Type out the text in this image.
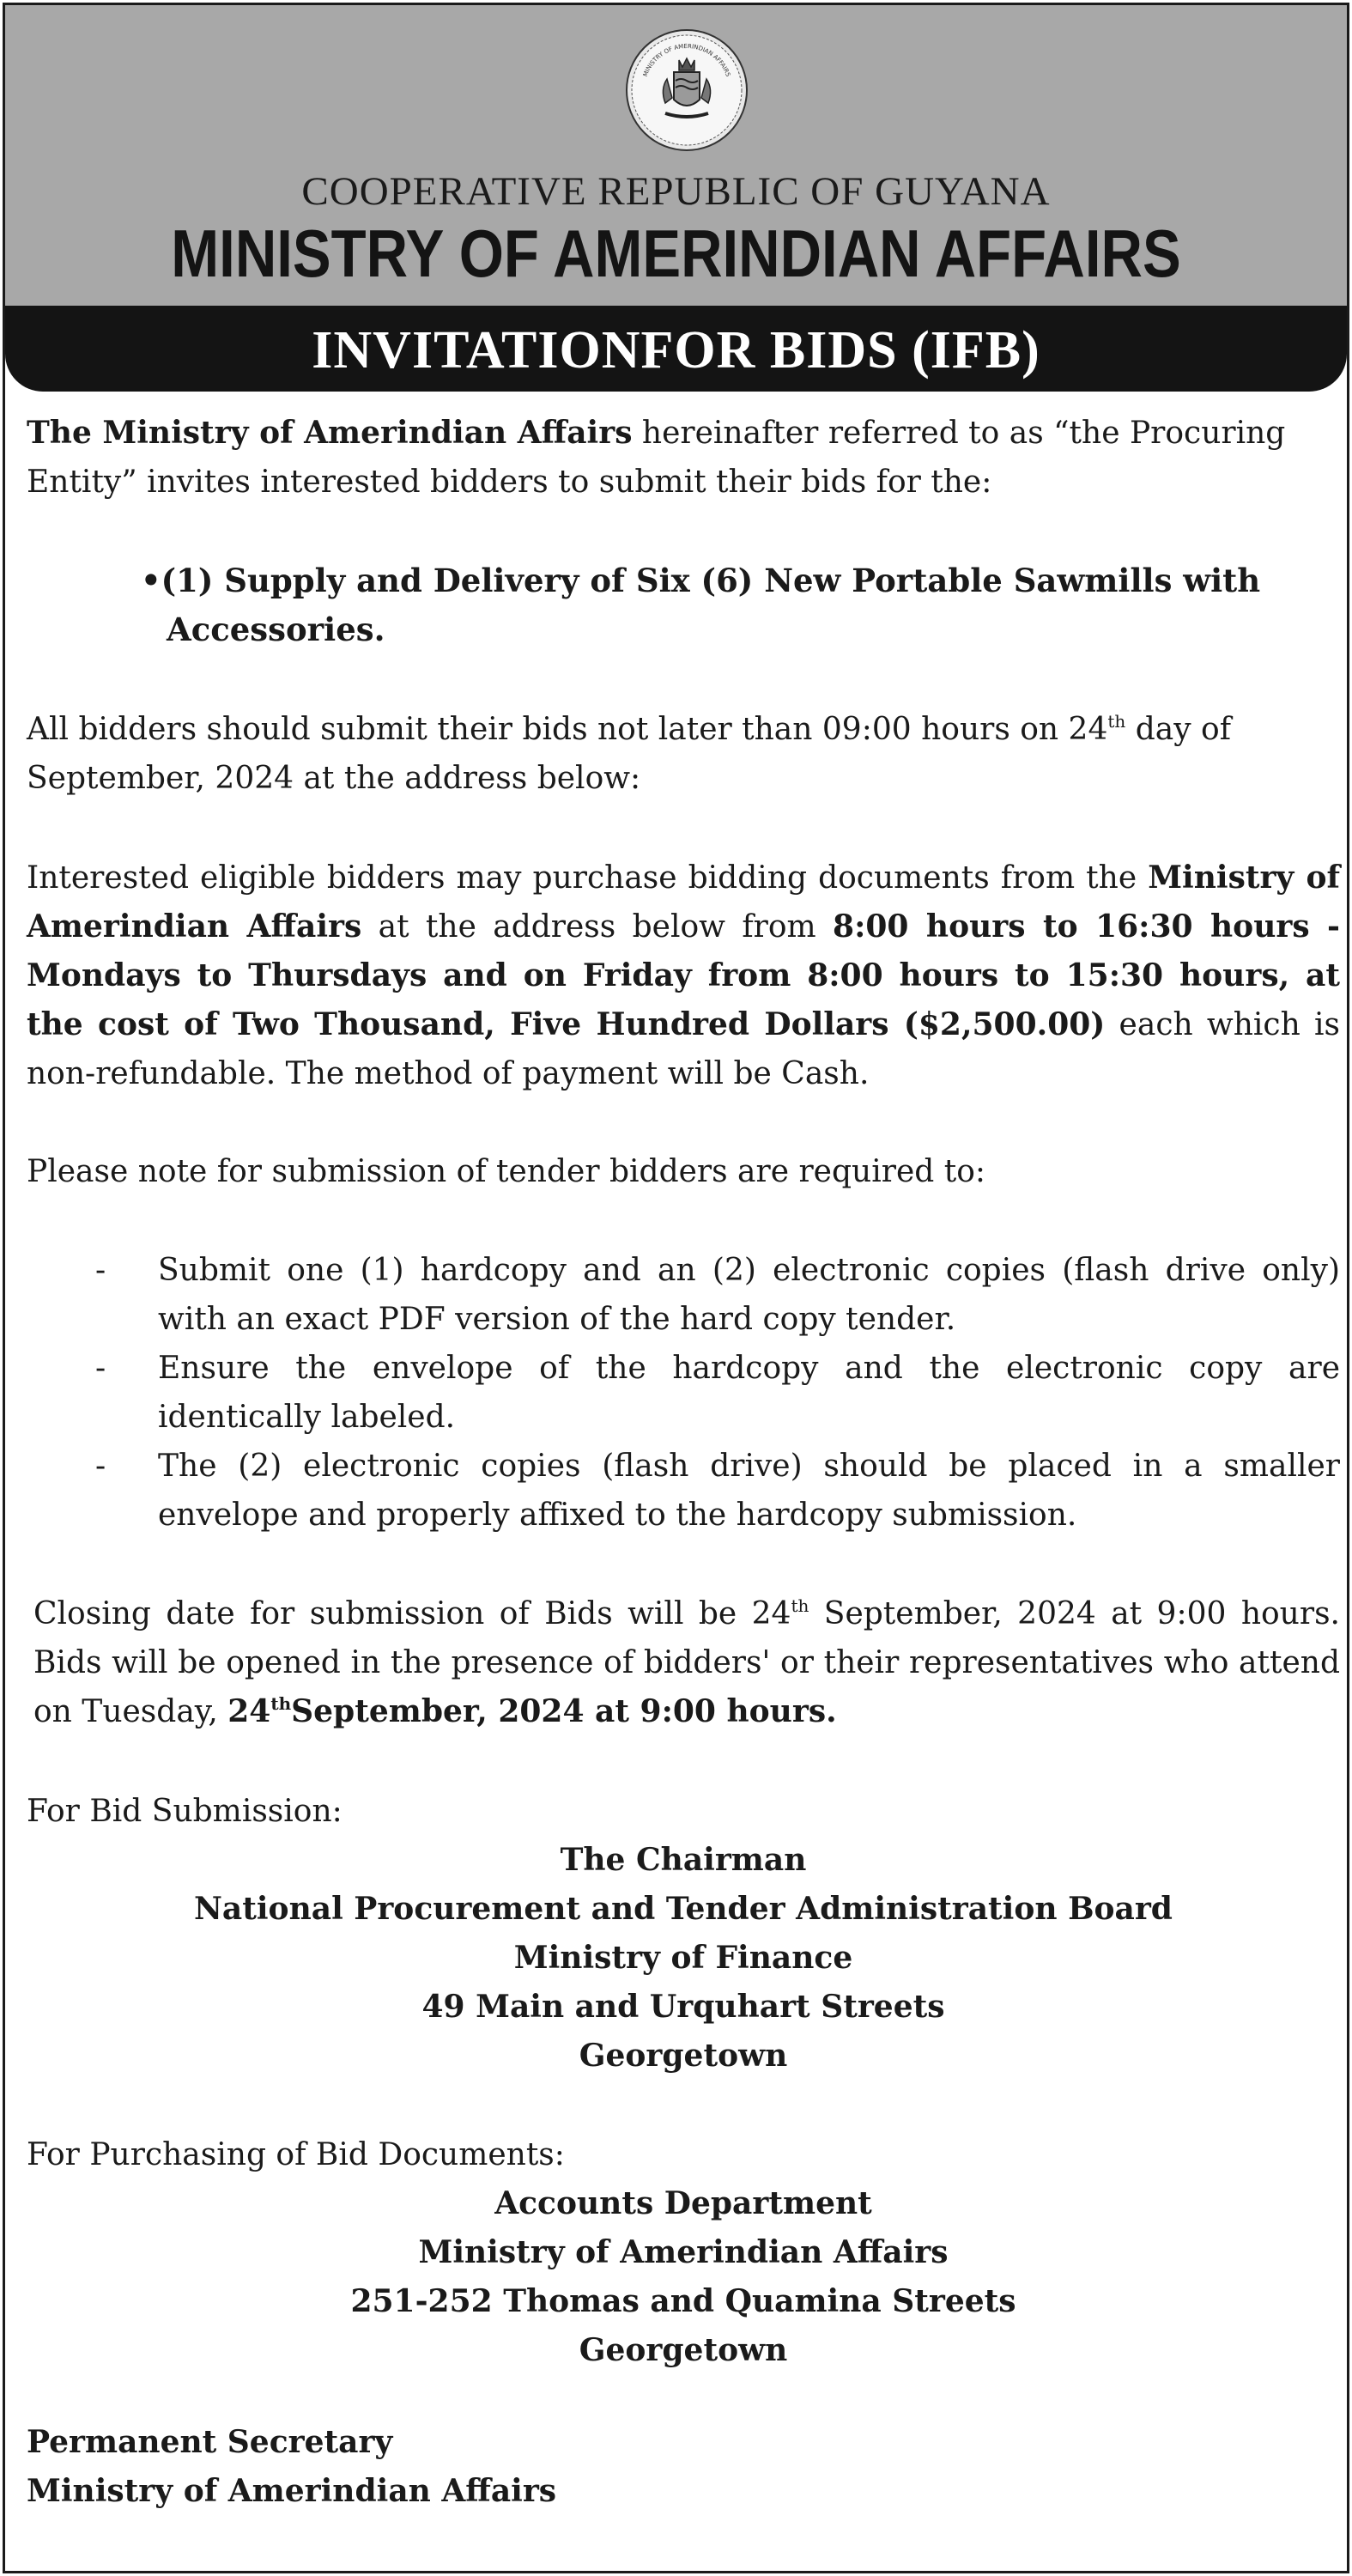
MINISTRY OF AMERINDIAN AFFAIRS
COOPERATIVE REPUBLIC OF GUYANA
MINISTRY OF AMERINDIAN AFFAIRS
INVITATIONFOR BIDS (IFB)

The Ministry of Amerindian Affairs hereinafter referred to as “the Procuring Entity” invites interested bidders to submit their bids for the:

•(1) Supply and Delivery of Six (6) New Portable Sawmills with Accessories.

All bidders should submit their bids not later than 09:00 hours on 24th day of September, 2024 at the address below:

Interested eligible bidders may purchase bidding documents from the Ministry of Amerindian Affairs at the address below from 8:00 hours to 16:30 hours - Mondays to Thursdays and on Friday from 8:00 hours to 15:30 hours, at the cost of Two Thousand, Five Hundred Dollars ($2,500.00) each which is non-refundable. The method of payment will be Cash.

Please note for submission of tender bidders are required to:

- Submit one (1) hardcopy and an (2) electronic copies (flash drive only) with an exact PDF version of the hard copy tender.

- Ensure the envelope of the hardcopy and the electronic copy are identically labeled.

- The (2) electronic copies (flash drive) should be placed in a smaller envelope and properly affixed to the hardcopy submission.

Closing date for submission of Bids will be 24th September, 2024 at 9:00 hours. Bids will be opened in the presence of bidders' or their representatives who attend on Tuesday, 24thSeptember, 2024 at 9:00 hours.

For Bid Submission:

The Chairman
National Procurement and Tender Administration Board
Ministry of Finance
49 Main and Urquhart Streets
Georgetown

For Purchasing of Bid Documents:

Accounts Department
Ministry of Amerindian Affairs
251-252 Thomas and Quamina Streets
Georgetown
Permanent Secretary
Ministry of Amerindian Affairs
